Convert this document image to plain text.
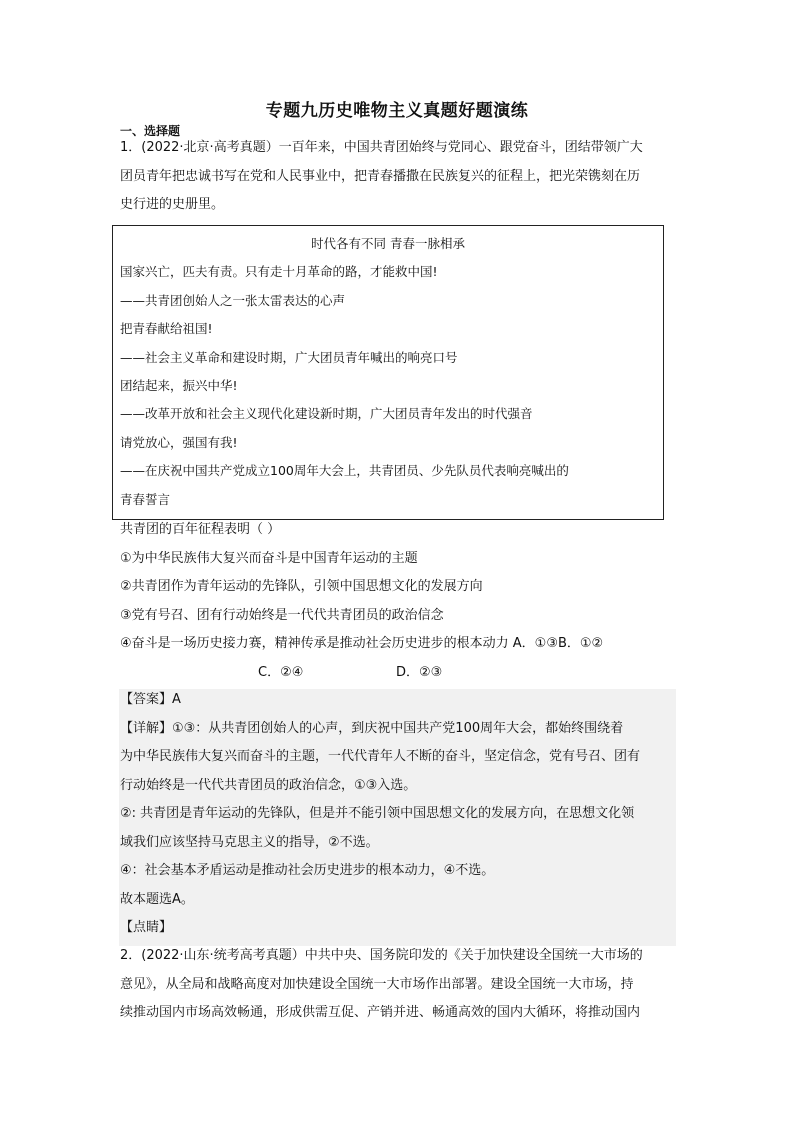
专题九历史唯物主义真题好题演练
一、选择题
1．(2022·北京·高考真题）一百年来，中国共青团始终与党同心、跟党奋斗，团结带领广大
团员青年把忠诚书写在党和人民事业中，把青春播撒在民族复兴的征程上，把光荣镌刻在历
史行进的史册里。
时代各有不同 青春一脉相承
国家兴亡，匹夫有责。只有走十月革命的路，才能救中国!
——共青团创始人之一张太雷表达的心声
把青春献给祖国!
——社会主义革命和建设时期，广大团员青年喊出的响亮口号
团结起来，振兴中华!
——改革开放和社会主义现代化建设新时期，广大团员青年发出的时代强音
请党放心，强国有我!
——在庆祝中国共产党成立100周年大会上，共青团员、少先队员代表响亮喊出的
青春誓言
共青团的百年征程表明（ ）
①为中华民族伟大复兴而奋斗是中国青年运动的主题
②共青团作为青年运动的先锋队，引领中国思想文化的发展方向
③党有号召、团有行动始终是一代代共青团员的政治信念
④奋斗是一场历史接力赛，精神传承是推动社会历史进步的根本动力 A．①③B．①②
C．②④	D．②③
【答案】A
【详解】①③：从共青团创始人的心声，到庆祝中国共产党100周年大会，都始终围绕着
为中华民族伟大复兴而奋斗的主题，一代代青年人不断的奋斗，坚定信念，党有号召、团有
行动始终是一代代共青团员的政治信念，①③入选。
②: 共青团是青年运动的先锋队，但是并不能引领中国思想文化的发展方向，在思想文化领
域我们应该坚持马克思主义的指导，②不选。
④：社会基本矛盾运动是推动社会历史进步的根本动力，④不选。
故本题选A。
【点睛】
2．(2022·山东·统考高考真题）中共中央、国务院印发的《关于加快建设全国统一大市场的
意见》，从全局和战略高度对加快建设全国统一大市场作出部署。建设全国统一大市场，持
续推动国内市场高效畅通，形成供需互促、产销并进、畅通高效的国内大循环，将推动国内
